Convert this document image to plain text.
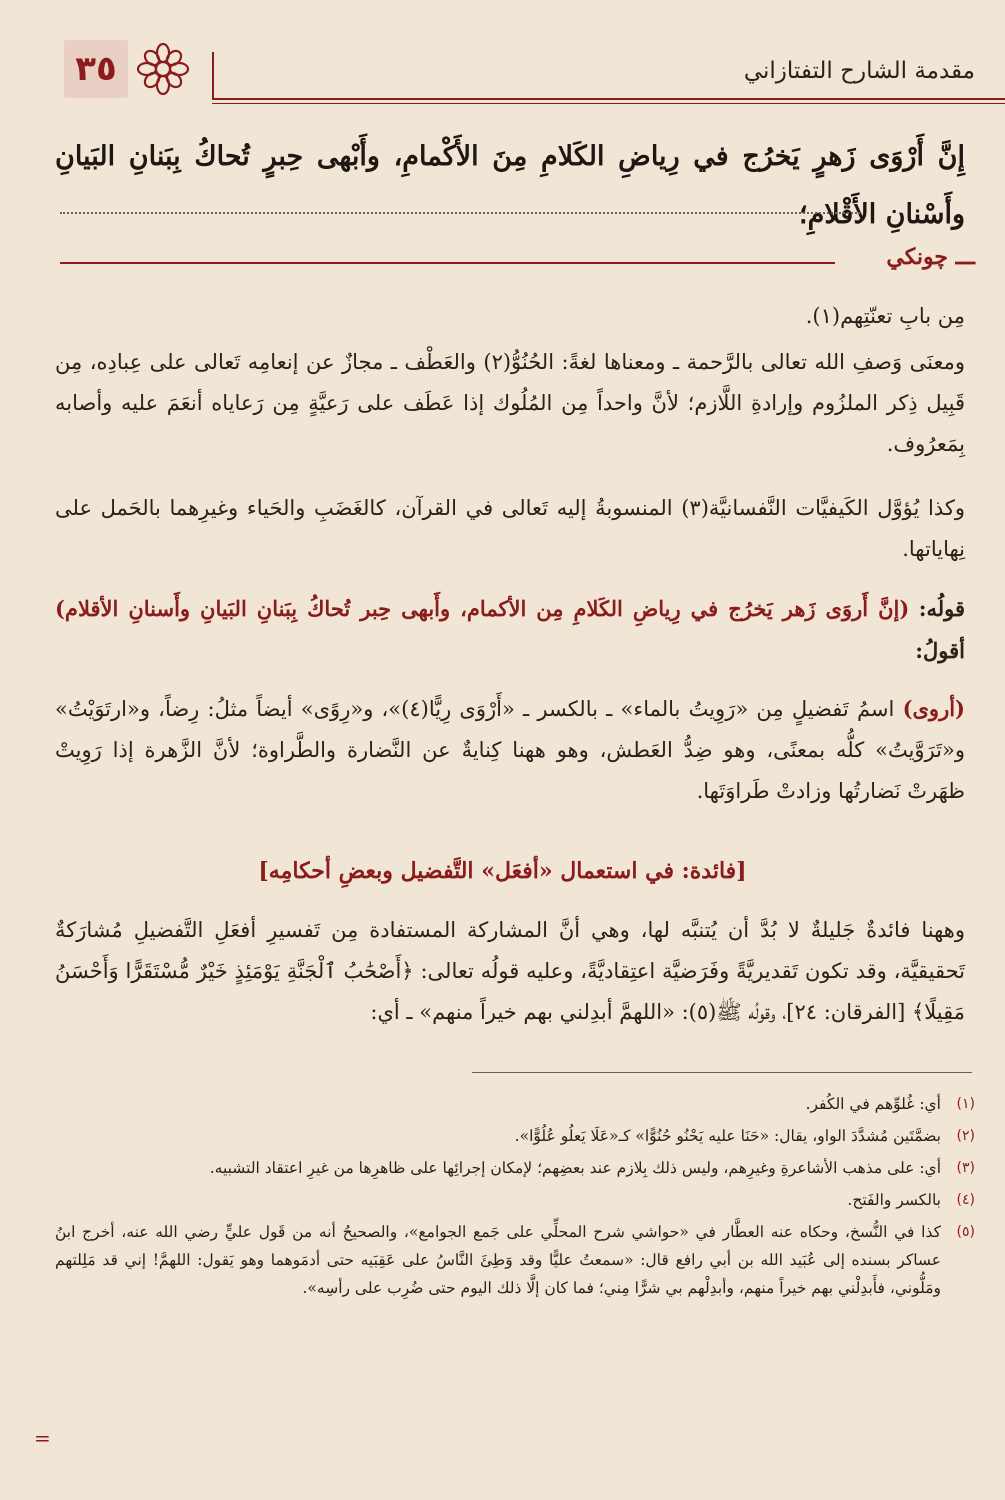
٣٥	مقدمة الشارح التفتازاني
إِنَّ أَرْوَى زَهرٍ يَخرُج في رِياضِ الكَلامِ مِنَ الأَكْمامِ، وأَبْهى حِبرٍ تُحاكُ بِبَنانِ البَيانِ وأَسْنانِ الأَقْلامِ؛
ـــ چونكي
مِن بابِ تعنّتِهم(١).
ومعنَى وَصفِ الله تعالى بالرَّحمة ـ ومعناها لغةً: الحُنُوُّ(٢) والعَطْف ـ مجازٌ عن إنعامِه تَعالى على عِبادِه، مِن قَبِيل ذِكر الملزُوم وإرادةِ اللَّازم؛ لأنَّ واحداً مِن المُلُوك إذا عَطَف على رَعيَّةٍ مِن رَعاياه أنعَمَ عليه وأصابه بِمَعرُوف.
وكذا يُؤوَّل الكَيفيَّات النَّفسانيَّة(٣) المنسوبةُ إليه تَعالى في القرآن، كالغَضَبِ والحَياء وغيرِهما بالحَمل على نِهاياتها.
قولُه: (إنَّ أَروَى زَهر يَخرُج في رِياضِ الكَلامِ مِن الأكمام، وأَبهى حِبر تُحاكُ بِبَنانِ البَيانِ وأَسنانِ الأقلام) أقولُ:
(أروى) اسمُ تَفضيلٍ مِن «رَوِيتُ بالماء» ـ بالكسر ـ «أَرْوَى رِيًّا(٤)»، و«رِوًى» أيضاً مثلُ: رِضاً، و«ارتَوَيْتُ» و«تَرَوَّيتُ» كلُّه بمعنًى، وهو ضِدُّ العَطش، وهو ههنا كِنايةٌ عن النَّضارة والطَّراوة؛ لأنَّ الزَّهرة إذا رَوِيتْ ظهَرتْ نَضارتُها وزادتْ طَراوَتَها.
[فائدة: في استعمال «أفعَل» التَّفضيل وبعضِ أحكامِه]
وههنا فائدةٌ جَليلةٌ لا بُدَّ أن يُتنبَّه لها، وهي أنَّ المشاركة المستفادة مِن تَفسيرِ أفعَلِ التَّفضيلِ مُشارَكةٌ تَحقيقيَّة، وقد تكون تَقديريَّةً وفَرَضيَّة اعتِقاديَّةً، وعليه قولُه تعالى: ﴿أَصْحَٰبُ ٱلْجَنَّةِ يَوْمَئِذٍ خَيْرٌ مُّسْتَقَرًّا وَأَحْسَنُ مَقِيلًا﴾ [الفرقان: ٢٤]، وقولُه ﷺ(٥): «اللهمَّ أبدِلني بهم خيراً منهم» ـ أي:
(١)
أي: غُلوِّهم في الكُفر.
(٢)
بضمَّتَين مُشدَّدَ الواو، يقال: «حَنَا عليه يَحْنُو حُنُوًّا» كـ«عَلَا يَعلُو عُلُوًّا».
(٣)
أي: على مذهب الأشاعرةِ وغيرِهم، وليس ذلك بِلازم عند بعضِهم؛ لإمكان إجرائِها على ظاهرِها من غيرِ اعتقاد التشبيه.
(٤)
بالكسر والفَتح.
(٥)
كذا في النُّسخ، وحكاه عنه العطَّار في «حواشي شرح المحلِّي على جَمع الجوامع»، والصحيحُ أنه من قَول عليٍّ رضي الله عنه، أخرج ابنُ عساكر بسنده إلى عُبَيد الله بن أبي رافع قال: «سمعتُ عليًّا وقد وَطِئَ النَّاسُ على عَقِبَيه حتى أدمَوهما وهو يَقول: اللهمَّ! إني قد مَلِلتهم ومَلُّوني، فأَبدِلْني بهم خيراً منهم، وأبدِلْهم بي شرًّا مِني؛ فما كان إلَّا ذلك اليوم حتى ضُرِب على رأسِه».
=
